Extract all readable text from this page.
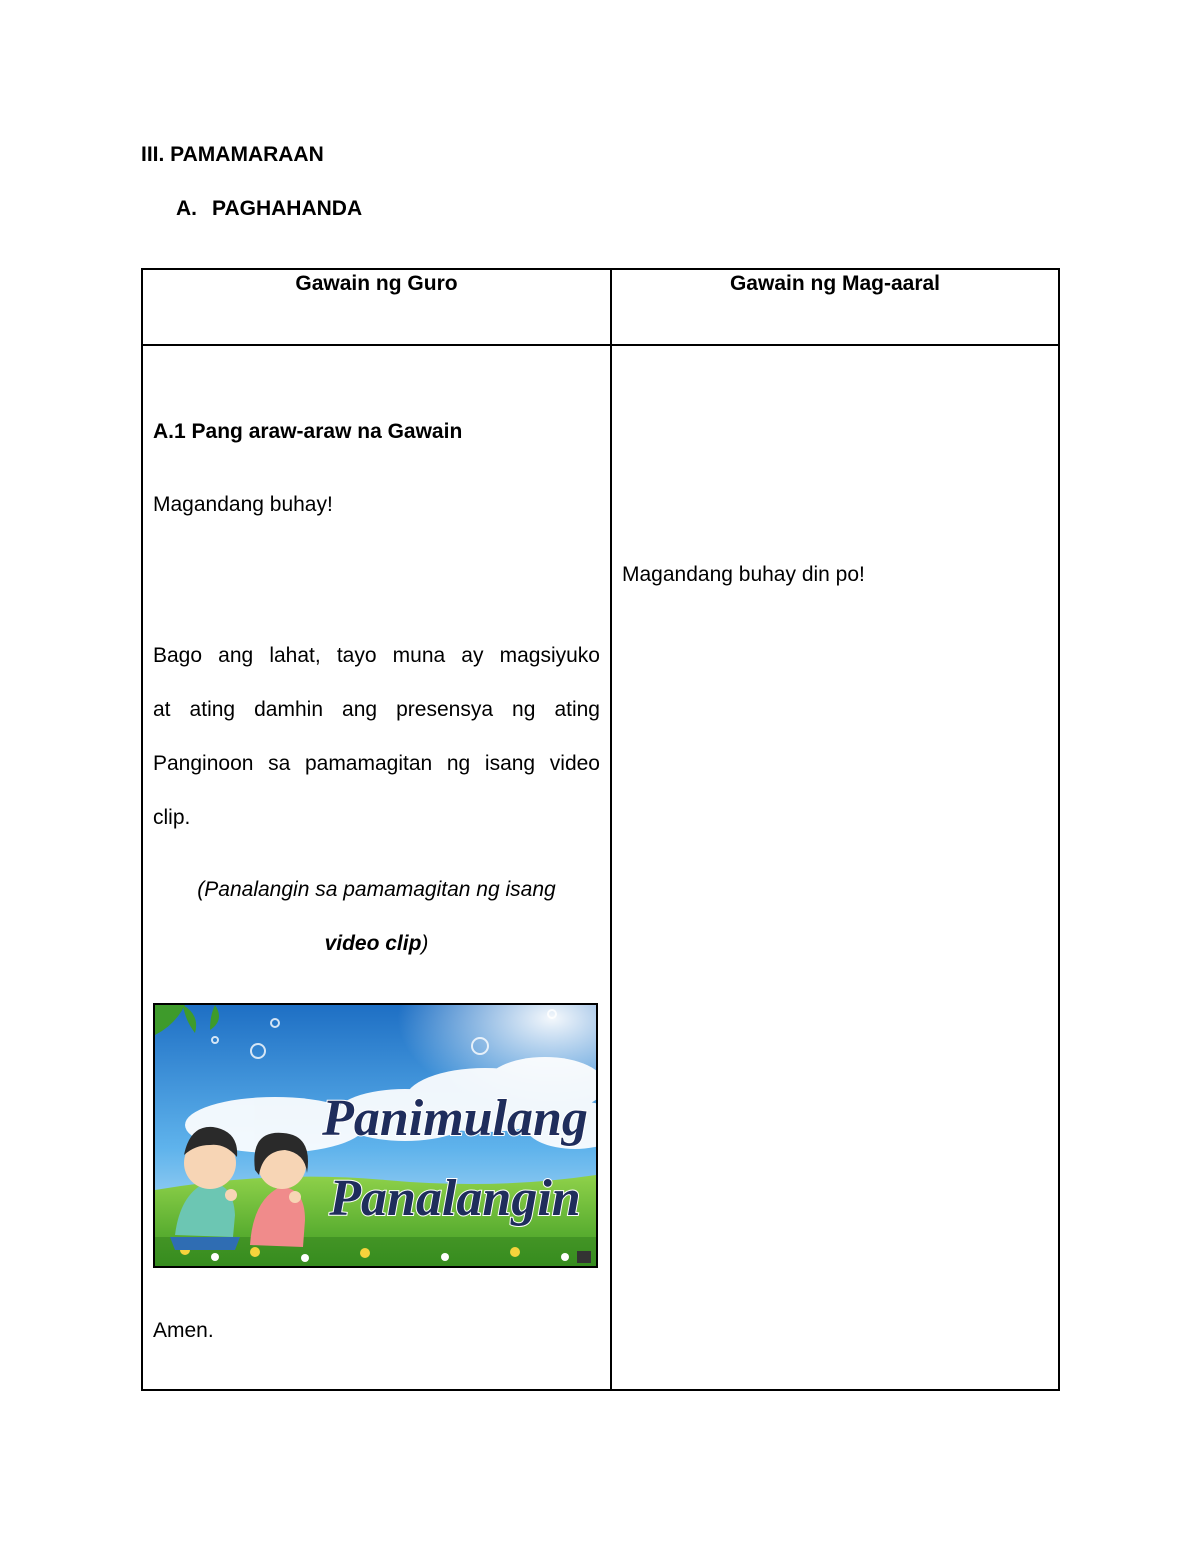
III. PAMAMARAAN
A. PAGHAHANDA
Gawain ng Guro	Gawain ng Mag-aaral
A.1 Pang araw-araw na Gawain
Magandang buhay!
Bago ang lahat, tayo muna ay magsiyuko
at ating damhin ang presensya ng ating
Panginoon sa pamamagitan ng isang video
clip.
(Panalangin sa pamamagitan ng isang
video clip)
Panimulang
Panalangin
Amen.
Magandang buhay din po!
